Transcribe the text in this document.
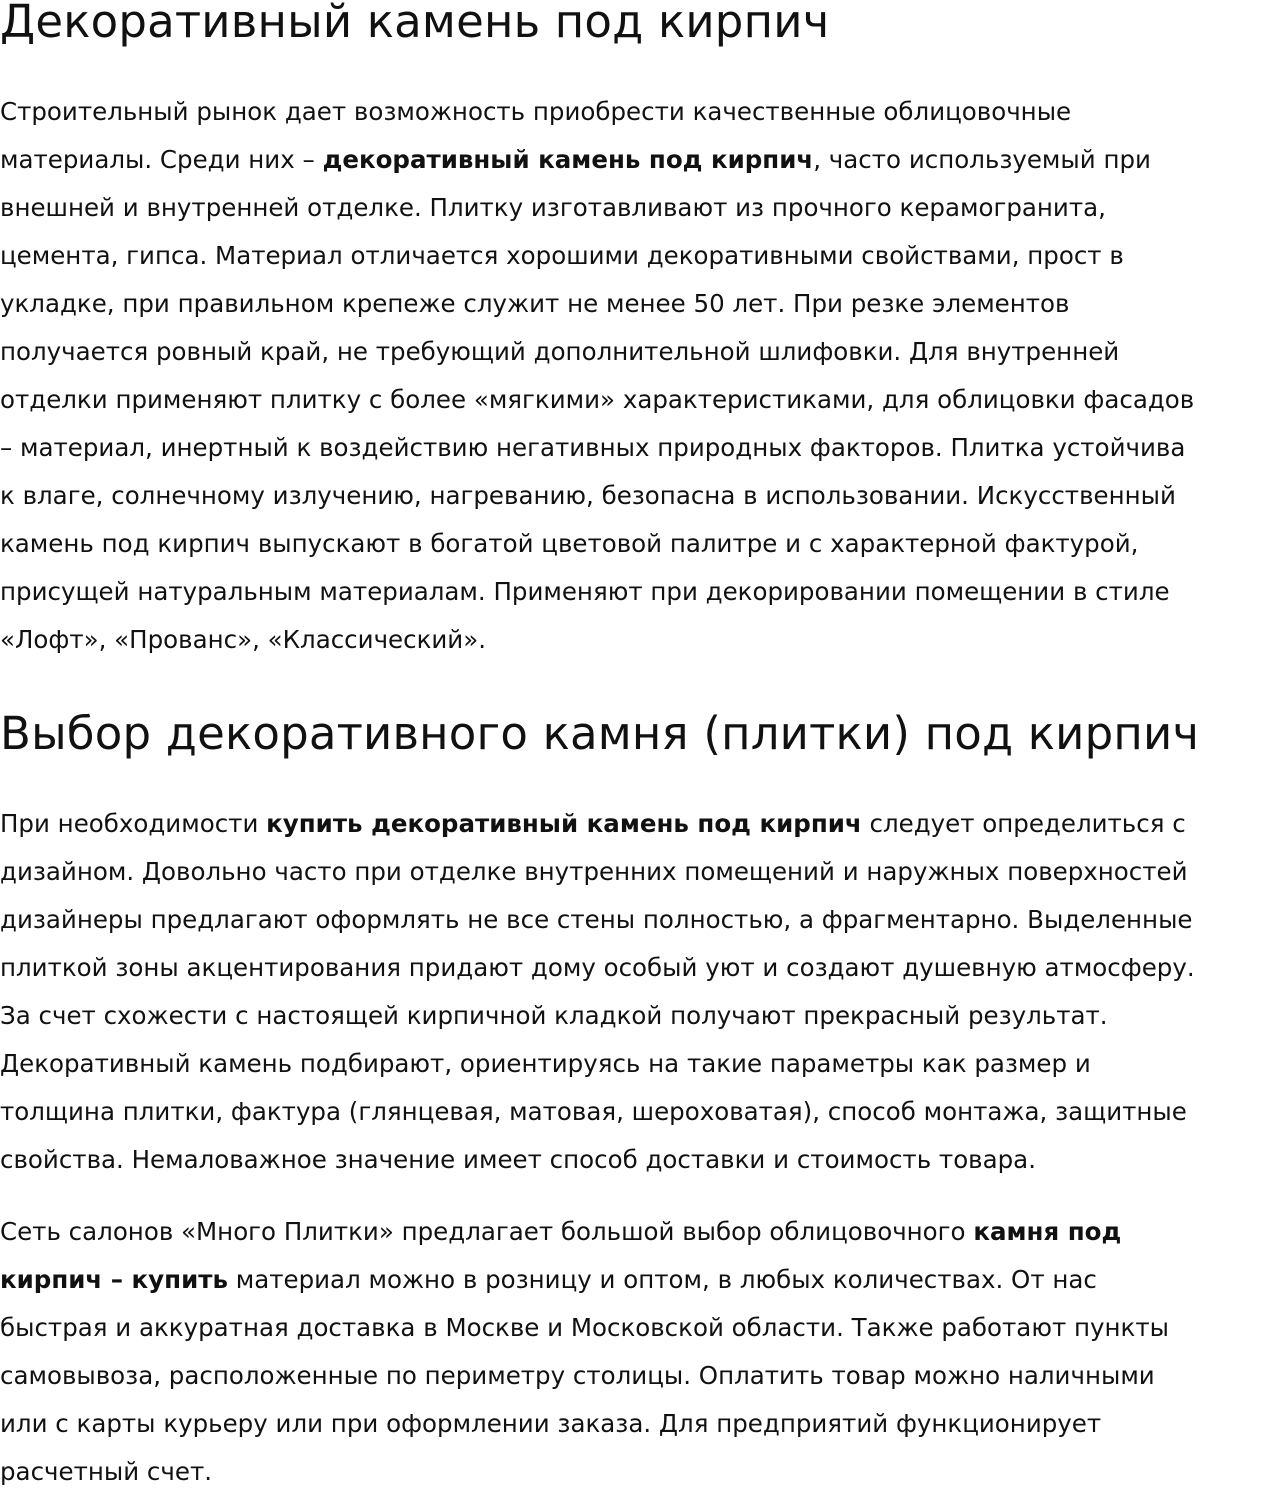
Декоративный камень под кирпич

Строительный рынок дает возможность приобрести качественные облицовочные
материалы. Среди них – декоративный камень под кирпич, часто используемый при
внешней и внутренней отделке. Плитку изготавливают из прочного керамогранита,
цемента, гипса. Материал отличается хорошими декоративными свойствами, прост в
укладке, при правильном крепеже служит не менее 50 лет. При резке элементов
получается ровный край, не требующий дополнительной шлифовки. Для внутренней
отделки применяют плитку с более «мягкими» характеристиками, для облицовки фасадов
– материал, инертный к воздействию негативных природных факторов. Плитка устойчива
к влаге, солнечному излучению, нагреванию, безопасна в использовании. Искусственный
камень под кирпич выпускают в богатой цветовой палитре и с характерной фактурой,
присущей натуральным материалам. Применяют при декорировании помещении в стиле
«Лофт», «Прованс», «Классический».

Выбор декоративного камня (плитки) под кирпич

При необходимости купить декоративный камень под кирпич следует определиться с
дизайном. Довольно часто при отделке внутренних помещений и наружных поверхностей
дизайнеры предлагают оформлять не все стены полностью, а фрагментарно. Выделенные
плиткой зоны акцентирования придают дому особый уют и создают душевную атмосферу.
За счет схожести с настоящей кирпичной кладкой получают прекрасный результат.
Декоративный камень подбирают, ориентируясь на такие параметры как размер и
толщина плитки, фактура (глянцевая, матовая, шероховатая), способ монтажа, защитные
свойства. Немаловажное значение имеет способ доставки и стоимость товара.

Сеть салонов «Много Плитки» предлагает большой выбор облицовочного камня под
кирпич – купить материал можно в розницу и оптом, в любых количествах. От нас
быстрая и аккуратная доставка в Москве и Московской области. Также работают пункты
самовывоза, расположенные по периметру столицы. Оплатить товар можно наличными
или с карты курьеру или при оформлении заказа. Для предприятий функционирует
расчетный счет.
